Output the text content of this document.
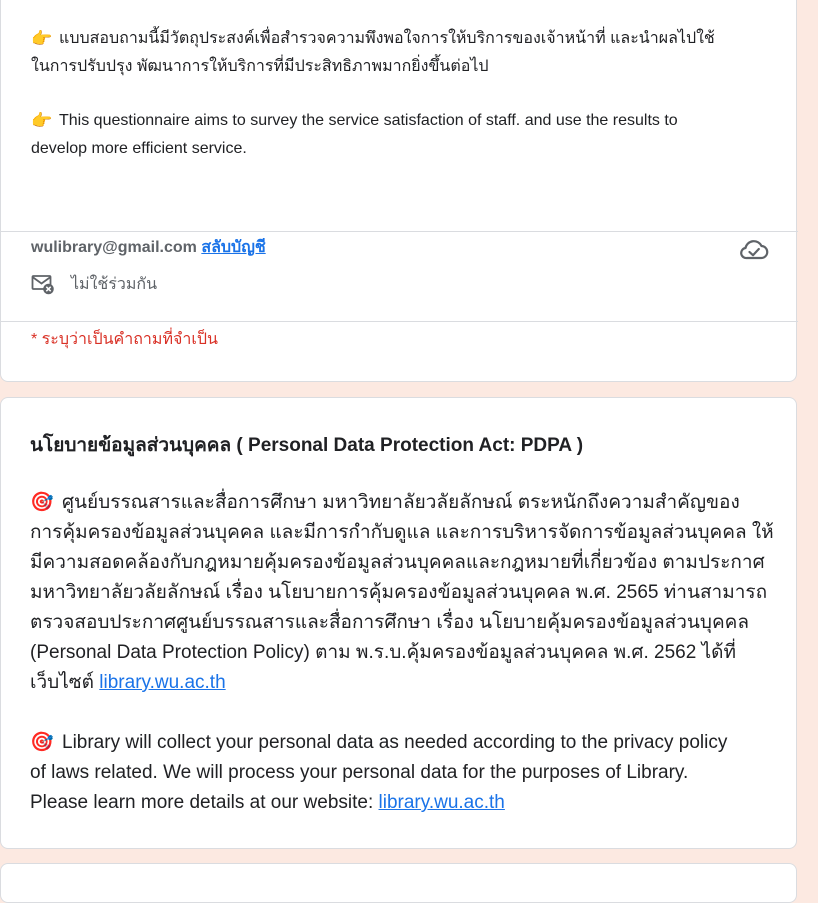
👉 แบบสอบถามนี้มีวัตถุประสงค์เพื่อสำรวจความพึงพอใจการให้บริการของเจ้าหน้าที่ และนำผลไปใช้
ในการปรับปรุง พัฒนาการให้บริการที่มีประสิทธิภาพมากยิ่งขึ้นต่อไป
👉 This questionnaire aims to survey the service satisfaction of staff. and use the results to
develop more efficient service.
wulibrary@gmail.com สลับบัญชี
ไม่ใช้ร่วมกัน
* ระบุว่าเป็นคำถามที่จำเป็น
นโยบายข้อมูลส่วนบุคคล ( Personal Data Protection Act: PDPA )
🎯 ศูนย์บรรณสารและสื่อการศึกษา มหาวิทยาลัยวลัยลักษณ์ ตระหนักถึงความสำคัญของ
การคุ้มครองข้อมูลส่วนบุคคล และมีการกำกับดูแล และการบริหารจัดการข้อมูลส่วนบุคคล ให้
มีความสอดคล้องกับกฎหมายคุ้มครองข้อมูลส่วนบุคคลและกฎหมายที่เกี่ยวข้อง ตามประกาศ
มหาวิทยาลัยวลัยลักษณ์ เรื่อง นโยบายการคุ้มครองข้อมูลส่วนบุคคล พ.ศ. 2565 ท่านสามารถ
ตรวจสอบประกาศศูนย์บรรณสารและสื่อการศึกษา เรื่อง นโยบายคุ้มครองข้อมูลส่วนบุคคล
(Personal Data Protection Policy) ตาม พ.ร.บ.คุ้มครองข้อมูลส่วนบุคคล พ.ศ. 2562 ได้ที่
เว็บไซต์ library.wu.ac.th
🎯 Library will collect your personal data as needed according to the privacy policy
of laws related. We will process your personal data for the purposes of Library.
Please learn more details at our website: library.wu.ac.th
